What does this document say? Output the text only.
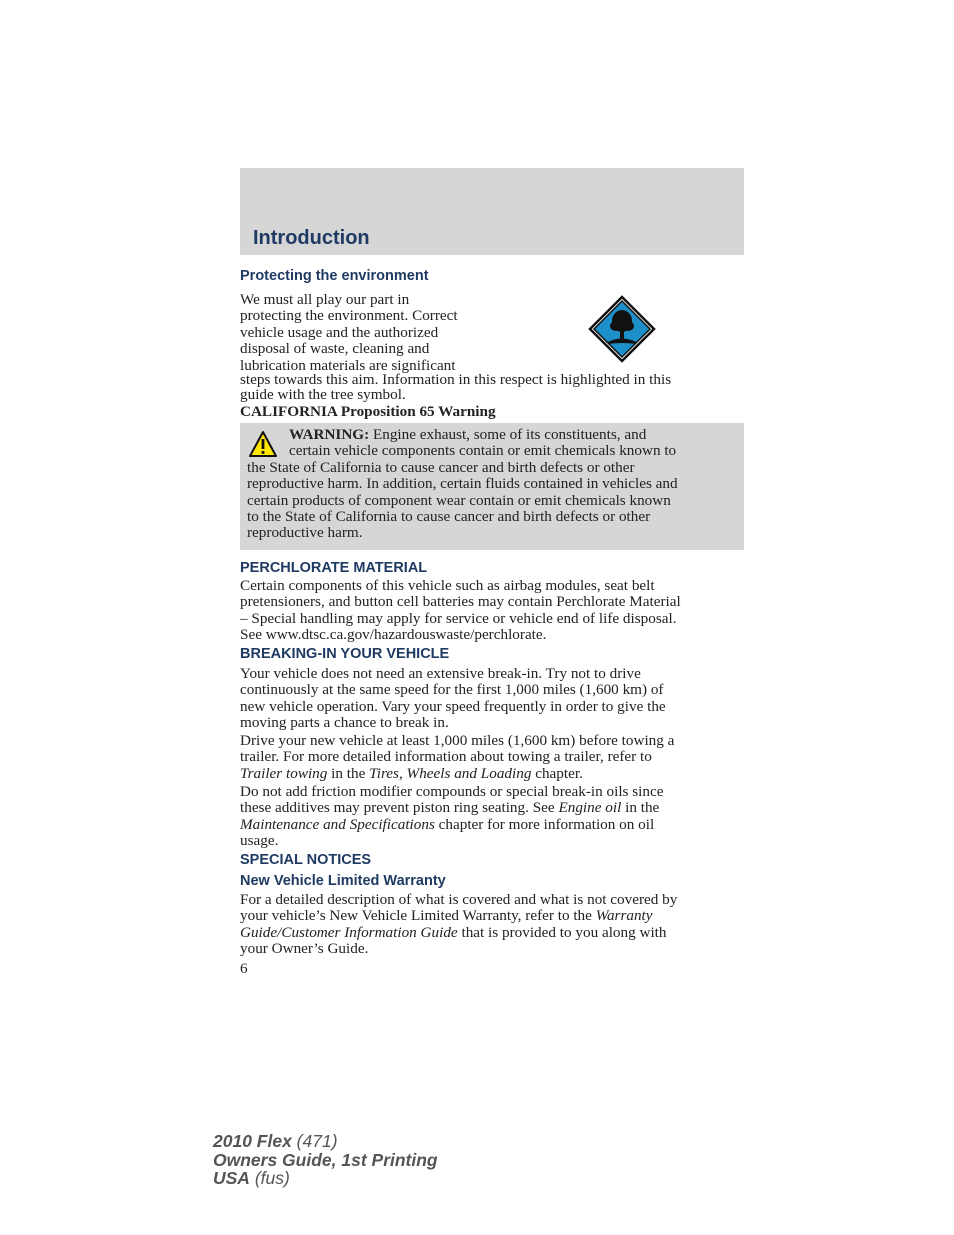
Introduction
Protecting the environment
We must all play our part in
protecting the environment. Correct
vehicle usage and the authorized
disposal of waste, cleaning and
lubrication materials are significant
steps towards this aim. Information in this respect is highlighted in this
guide with the tree symbol.
CALIFORNIA Proposition 65 Warning
WARNING: Engine exhaust, some of its constituents, and
certain vehicle components contain or emit chemicals known to
the State of California to cause cancer and birth defects or other
reproductive harm. In addition, certain fluids contained in vehicles and
certain products of component wear contain or emit chemicals known
to the State of California to cause cancer and birth defects or other
reproductive harm.
PERCHLORATE MATERIAL
Certain components of this vehicle such as airbag modules, seat belt
pretensioners, and button cell batteries may contain Perchlorate Material
– Special handling may apply for service or vehicle end of life disposal.
See www.dtsc.ca.gov/hazardouswaste/perchlorate.
BREAKING-IN YOUR VEHICLE
Your vehicle does not need an extensive break-in. Try not to drive
continuously at the same speed for the first 1,000 miles (1,600 km) of
new vehicle operation. Vary your speed frequently in order to give the
moving parts a chance to break in.
Drive your new vehicle at least 1,000 miles (1,600 km) before towing a
trailer. For more detailed information about towing a trailer, refer to
Trailer towing in the Tires, Wheels and Loading chapter.
Do not add friction modifier compounds or special break-in oils since
these additives may prevent piston ring seating. See Engine oil in the
Maintenance and Specifications chapter for more information on oil
usage.
SPECIAL NOTICES
New Vehicle Limited Warranty
For a detailed description of what is covered and what is not covered by
your vehicle’s New Vehicle Limited Warranty, refer to the Warranty
Guide/Customer Information Guide that is provided to you along with
your Owner’s Guide.
6
2010 Flex (471)
Owners Guide, 1st Printing
USA (fus)
